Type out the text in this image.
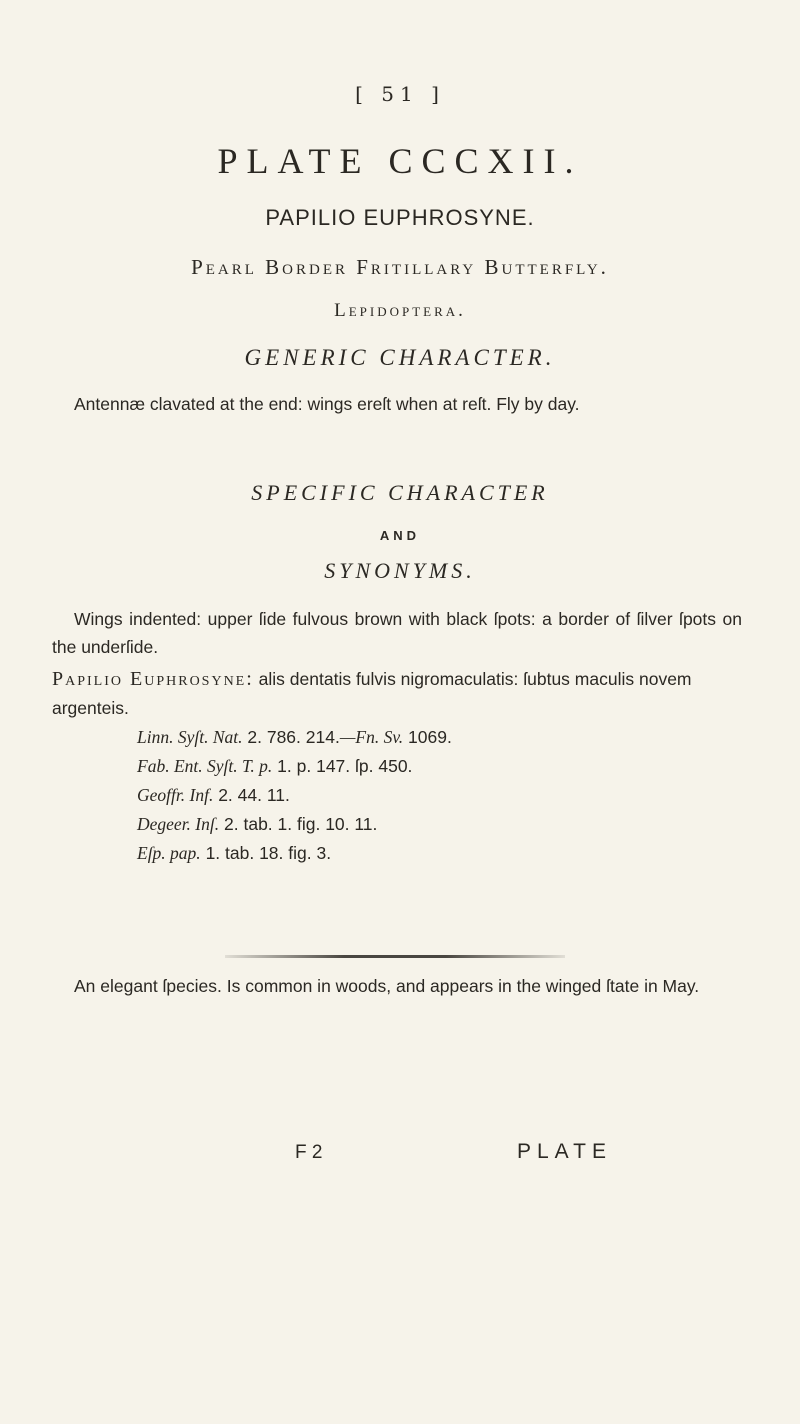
[ 51 ]
PLATE CCCXII.
PAPILIO EUPHROSYNE.
Pearl Border Fritillary Butterfly.
Lepidoptera.
GENERIC CHARACTER.
Antennæ clavated at the end: wings ereſt when at reſt. Fly by day.
SPECIFIC CHARACTER
AND
SYNONYMS.
Wings indented: upper ſide fulvous brown with black ſpots: a border of ſilver ſpots on the underſide.
Papilio Euphrosyne: alis dentatis fulvis nigromaculatis: ſubtus maculis novem argenteis.
Linn. Syſt. Nat. 2. 786. 214.—Fn. Sv. 1069.
Fab. Ent. Syſt. T. p. 1. p. 147. ſp. 450.
Geoffr. Inf. 2. 44. 11.
Degeer. Inſ. 2. tab. 1. fig. 10. 11.
Eſp. pap. 1. tab. 18. fig. 3.
An elegant ſpecies. Is common in woods, and appears in the winged ſtate in May.
F 2	PLATE
